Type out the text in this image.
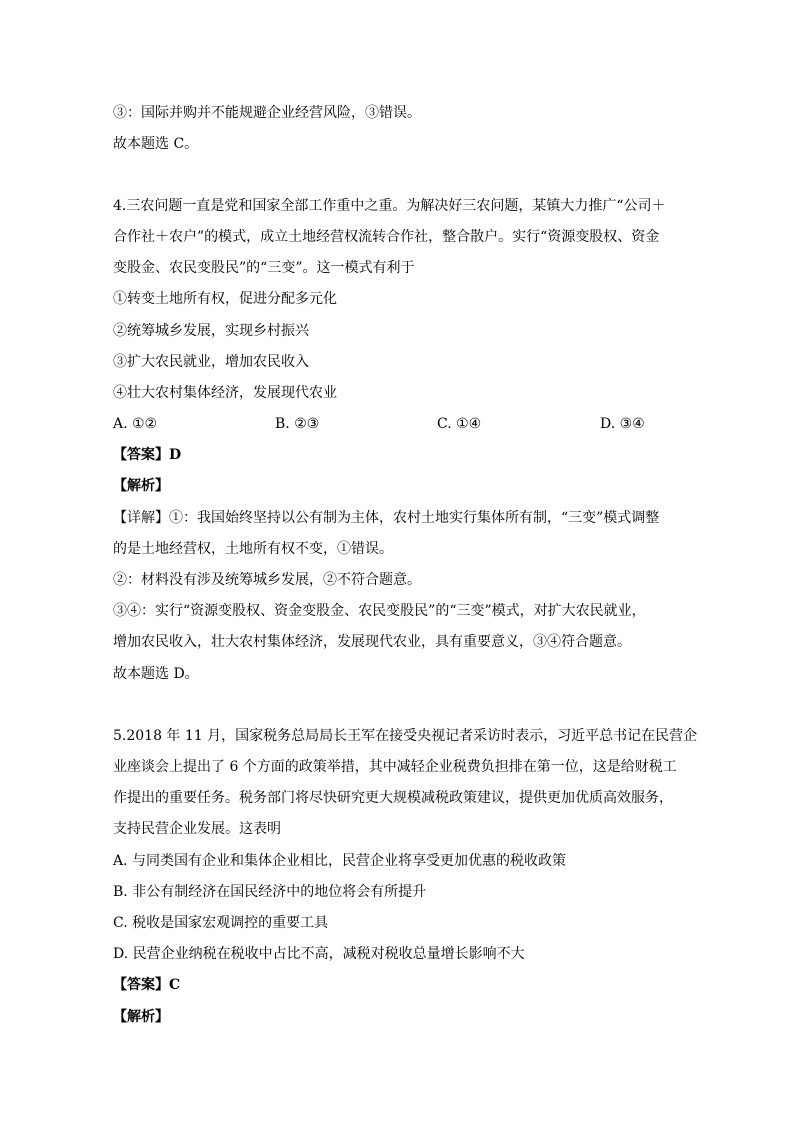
③：国际并购并不能规避企业经营风险，③错误。
故本题选 C。
4.三农问题一直是党和国家全部工作重中之重。为解决好三农问题，某镇大力推广“公司＋
合作社＋农户”的模式，成立土地经营权流转合作社，整合散户。实行“资源变股权、资金
变股金、农民变股民”的“三变”。这一模式有利于
①转变土地所有权，促进分配多元化
②统筹城乡发展，实现乡村振兴
③扩大农民就业，增加农民收入
④壮大农村集体经济，发展现代农业
A. ①②	B. ②③	C. ①④	D. ③④
【答案】D
【解析】
【详解】①：我国始终坚持以公有制为主体，农村土地实行集体所有制，“三变”模式调整
的是土地经营权，土地所有权不变，①错误。
②：材料没有涉及统筹城乡发展，②不符合题意。
③④：实行“资源变股权、资金变股金、农民变股民”的“三变”模式，对扩大农民就业，
增加农民收入，壮大农村集体经济，发展现代农业，具有重要意义，③④符合题意。
故本题选 D。
5.2018 年 11 月，国家税务总局局长王军在接受央视记者采访时表示，习近平总书记在民营企
业座谈会上提出了 6 个方面的政策举措，其中减轻企业税费负担排在第一位，这是给财税工
作提出的重要任务。税务部门将尽快研究更大规模减税政策建议，提供更加优质高效服务，
支持民营企业发展。这表明
A. 与同类国有企业和集体企业相比，民营企业将享受更加优惠的税收政策
B. 非公有制经济在国民经济中的地位将会有所提升
C. 税收是国家宏观调控的重要工具
D. 民营企业纳税在税收中占比不高，减税对税收总量增长影响不大
【答案】C
【解析】
